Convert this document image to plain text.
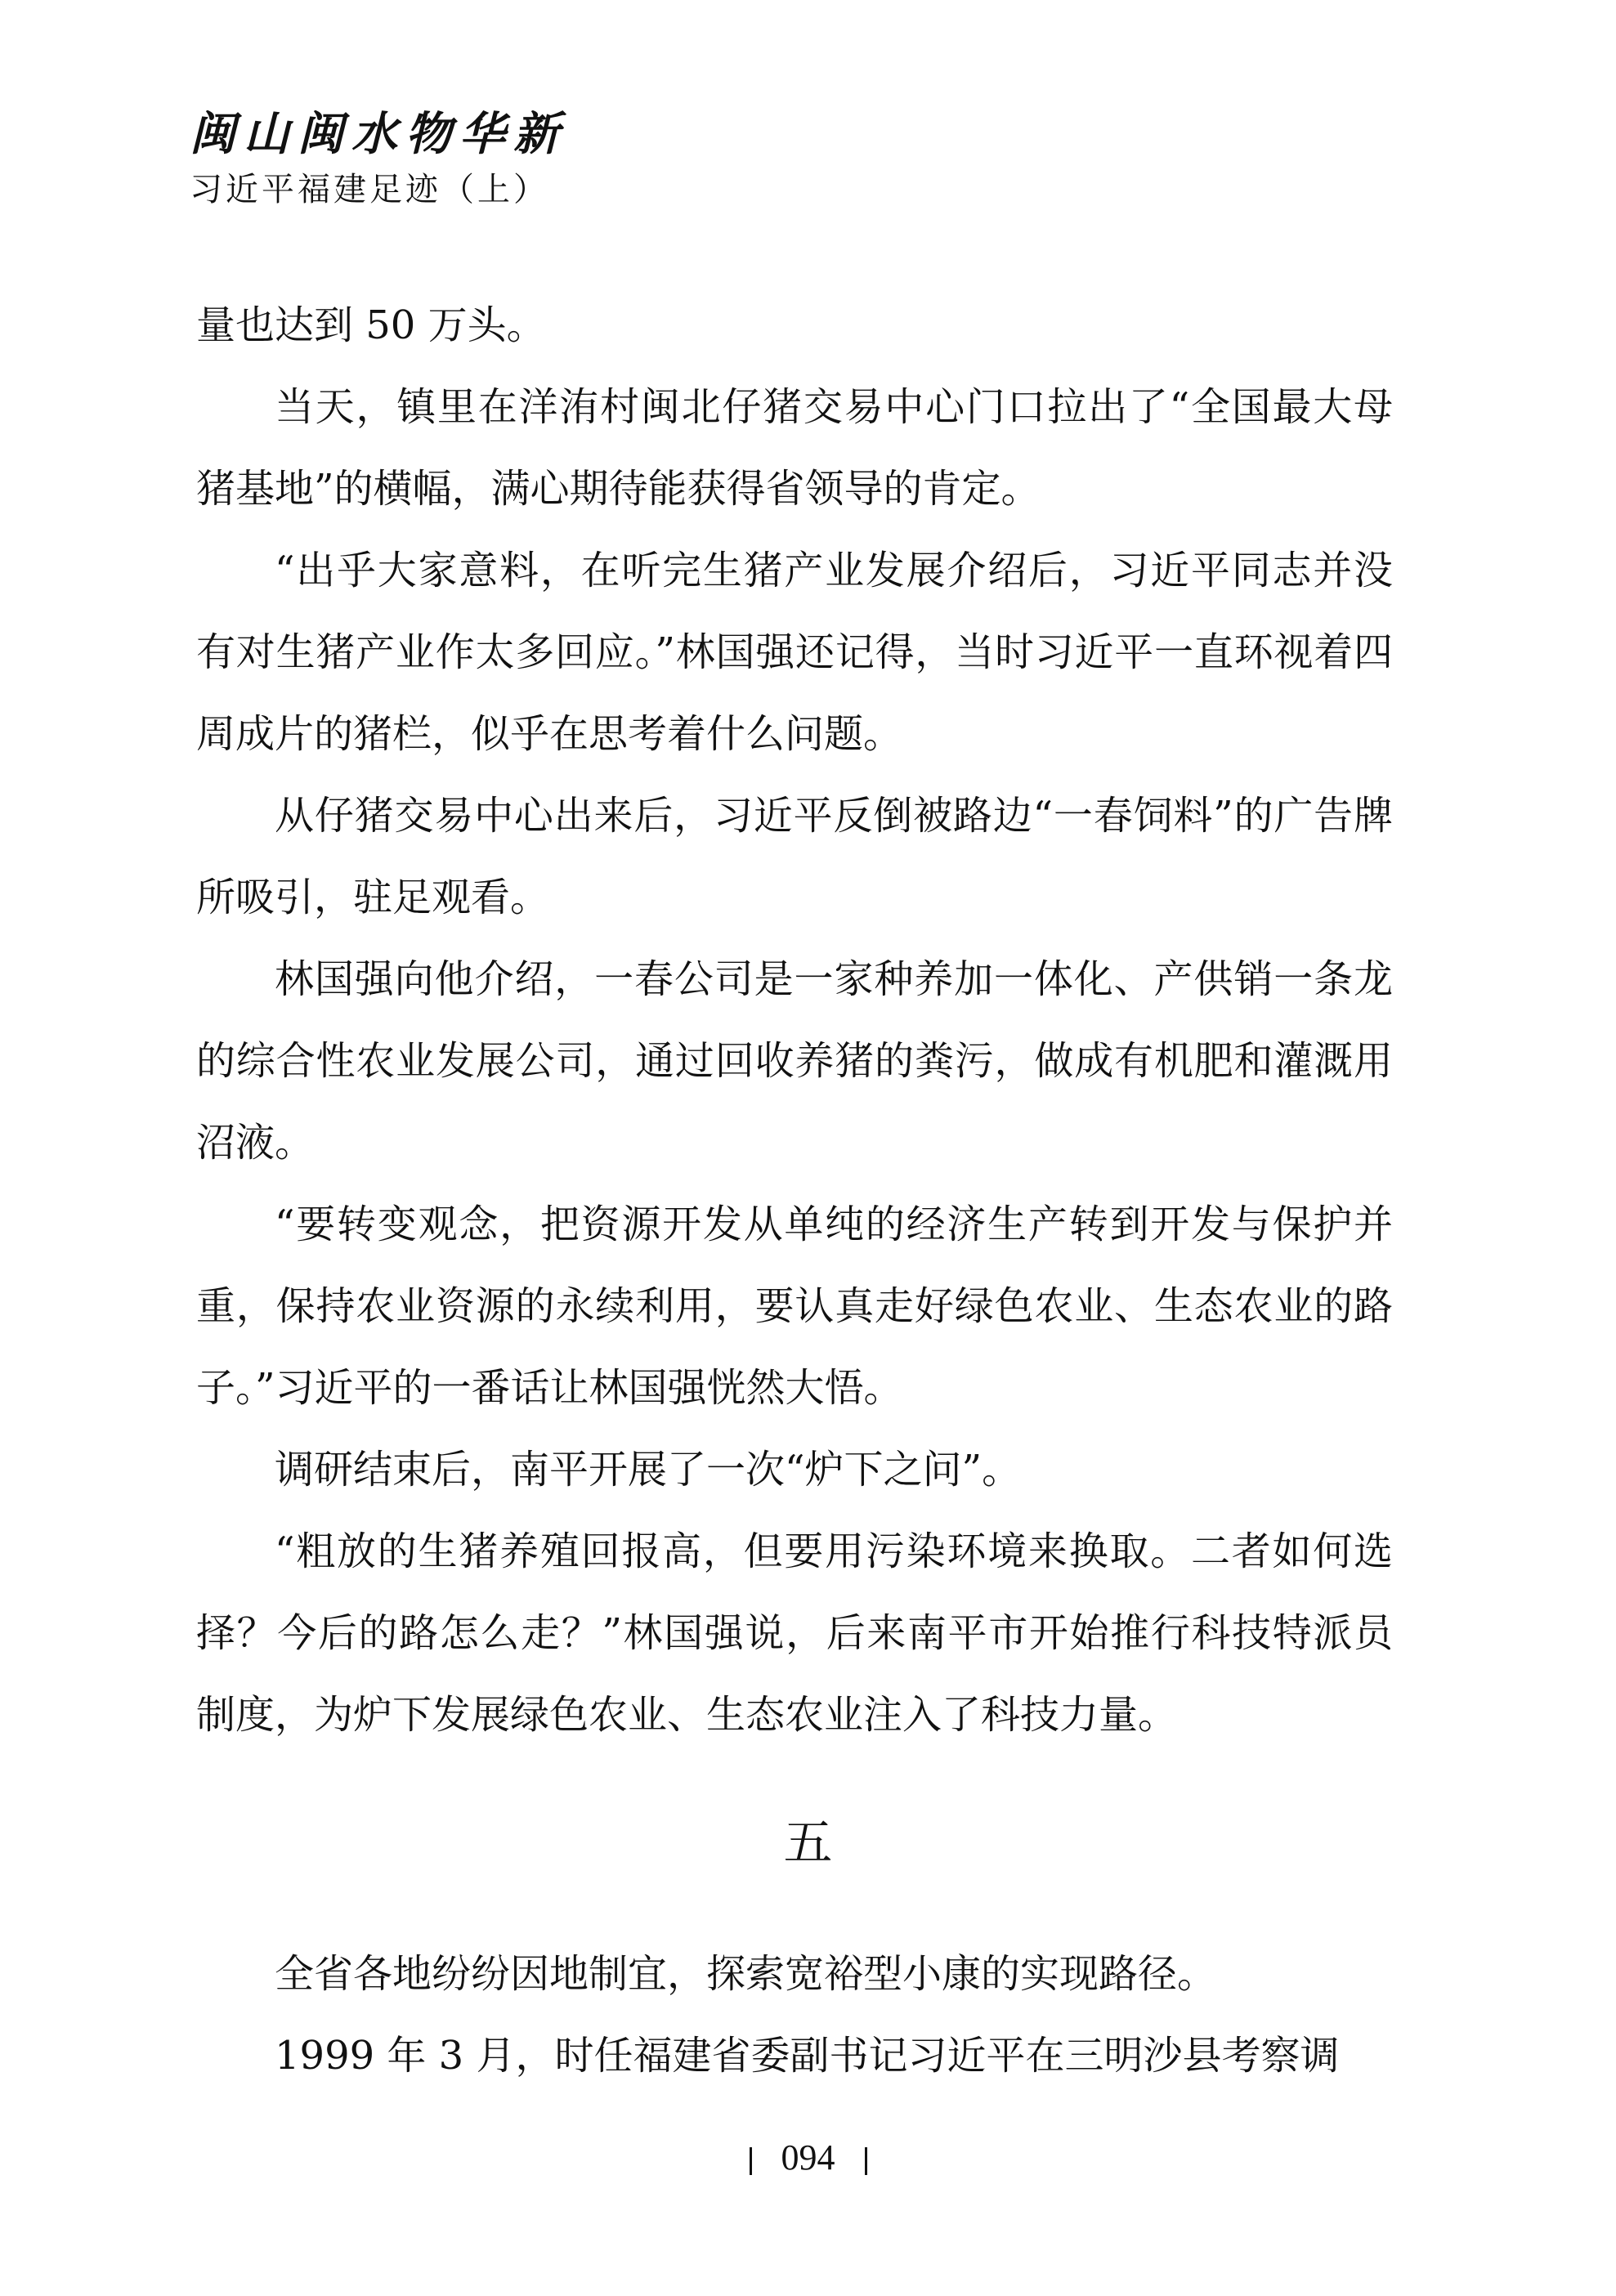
闽山闽水物华新
习近平福建足迹（上）

量也达到 50 万头。

当天，镇里在洋洧村闽北仔猪交易中心门口拉出了“全国最大母猪基地”的横幅，满心期待能获得省领导的肯定。

“出乎大家意料，在听完生猪产业发展介绍后，习近平同志并没有对生猪产业作太多回应。”林国强还记得，当时习近平一直环视着四周成片的猪栏，似乎在思考着什么问题。

从仔猪交易中心出来后，习近平反倒被路边“一春饲料”的广告牌所吸引，驻足观看。

林国强向他介绍，一春公司是一家种养加一体化、产供销一条龙的综合性农业发展公司，通过回收养猪的粪污，做成有机肥和灌溉用沼液。

“要转变观念，把资源开发从单纯的经济生产转到开发与保护并重，保持农业资源的永续利用，要认真走好绿色农业、生态农业的路子。”习近平的一番话让林国强恍然大悟。

调研结束后，南平开展了一次“炉下之问”。

“粗放的生猪养殖回报高，但要用污染环境来换取。二者如何选择？今后的路怎么走？”林国强说，后来南平市开始推行科技特派员制度，为炉下发展绿色农业、生态农业注入了科技力量。

五

全省各地纷纷因地制宜，探索宽裕型小康的实现路径。

1999 年 3 月，时任福建省委副书记习近平在三明沙县考察调

094
